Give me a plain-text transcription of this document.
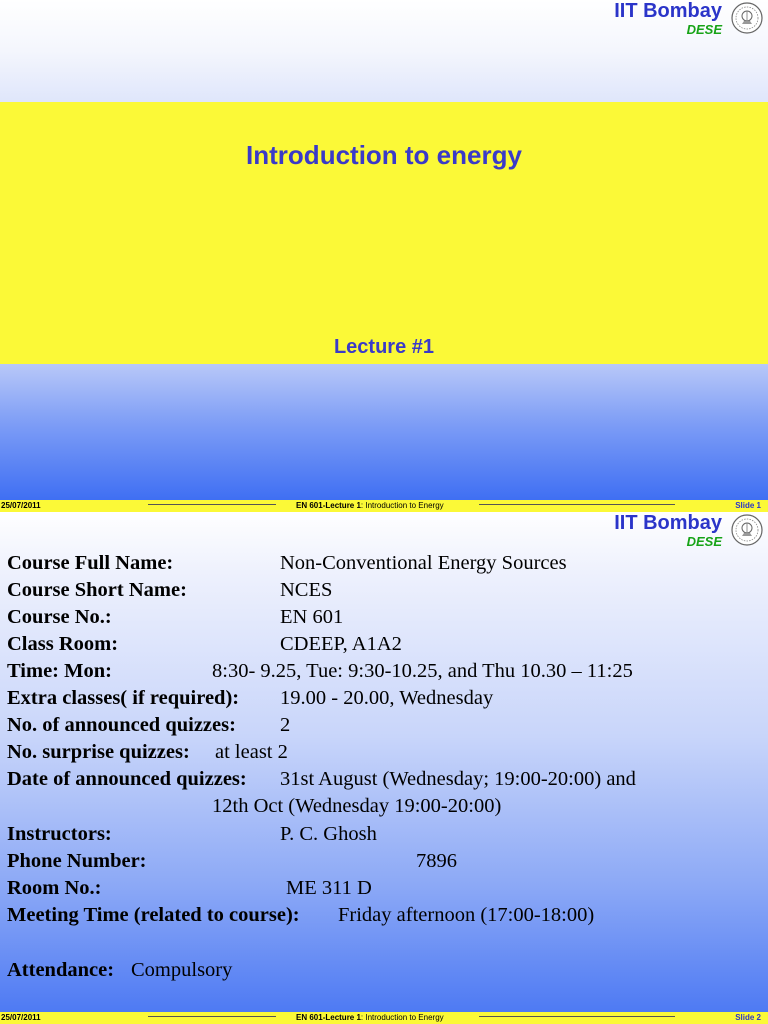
IIT Bombay
DESE
Introduction to energy
Lecture #1
25/07/2011	EN 601-Lecture 1: Introduction to Energy	Slide 1
IIT Bombay
DESE
Course Full Name:	Non-Conventional Energy Sources
Course Short Name:	NCES
Course No.:	EN 601
Class Room:	CDEEP, A1A2
Time: Mon:	8:30- 9.25, Tue: 9:30-10.25, and Thu 10.30 – 11:25
Extra classes( if required): 19.00 - 20.00, Wednesday
No. of announced quizzes: 2
No. surprise quizzes: at least 2
Date of announced quizzes: 31st August (Wednesday; 19:00-20:00) and
12th Oct (Wednesday 19:00-20:00)
Instructors:	P. C. Ghosh
Phone Number:	7896
Room No.:	ME 311 D
Meeting Time (related to course): Friday afternoon (17:00-18:00)
Attendance: Compulsory
25/07/2011	EN 601-Lecture 1: Introduction to Energy	Slide 2
